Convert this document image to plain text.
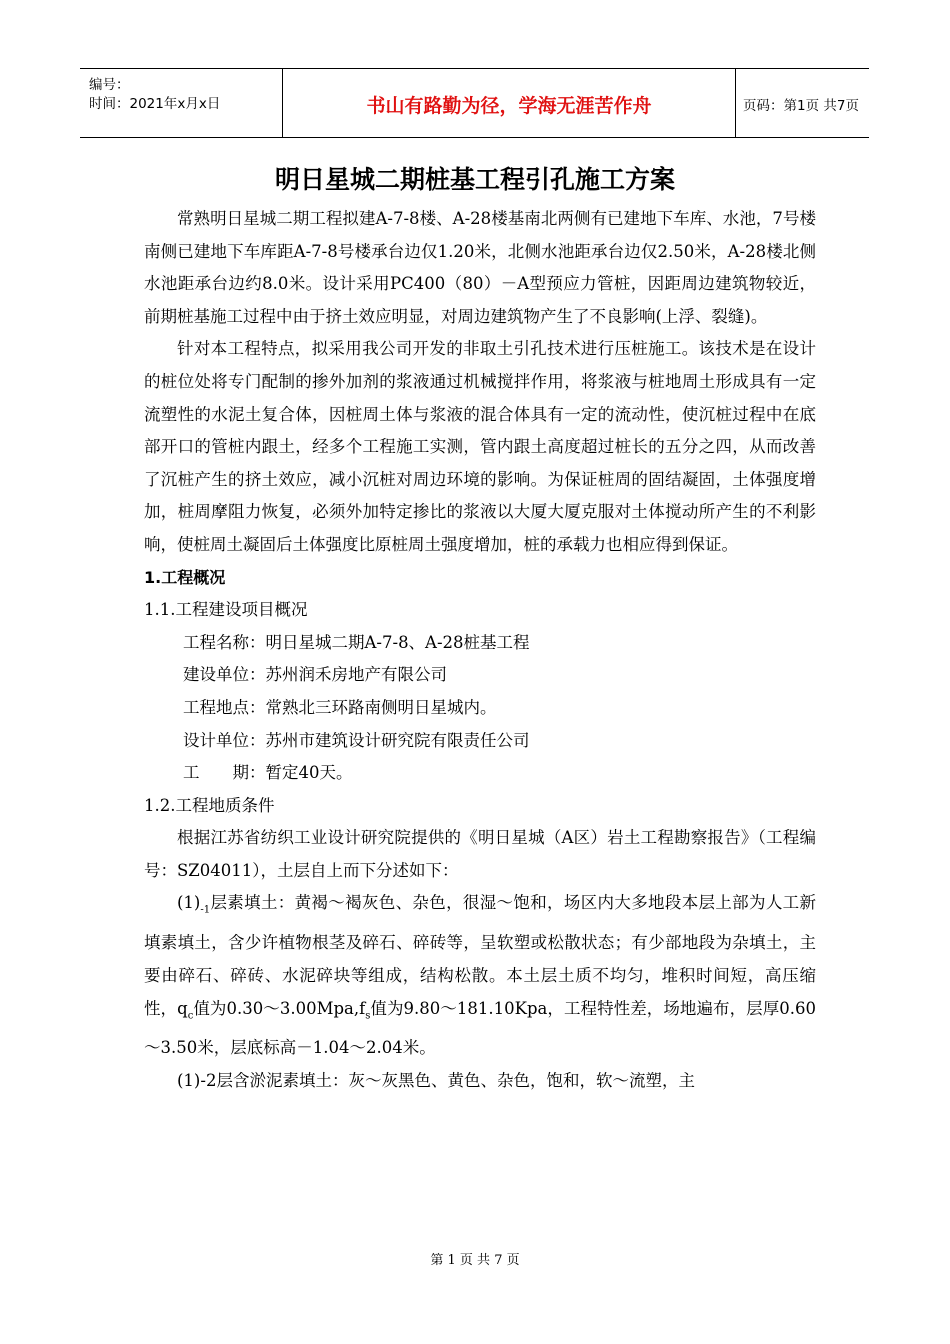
编号：
时间：2021年x月x日	书山有路勤为径，学海无涯苦作舟	页码：第1页 共7页
明日星城二期桩基工程引孔施工方案

常熟明日星城二期工程拟建A-7-8楼、A-28楼基南北两侧有已建地下车库、水池，7号楼南侧已建地下车库距A-7-8号楼承台边仅1.20米，北侧水池距承台边仅2.50米，A-28楼北侧水池距承台边约8.0米。设计采用PC400（80）－A型预应力管桩，因距周边建筑物较近，前期桩基施工过程中由于挤土效应明显，对周边建筑物产生了不良影响(上浮、裂缝)。

针对本工程特点，拟采用我公司开发的非取土引孔技术进行压桩施工。该技术是在设计的桩位处将专门配制的掺外加剂的浆液通过机械搅拌作用，将浆液与桩地周土形成具有一定流塑性的水泥土复合体，因桩周土体与浆液的混合体具有一定的流动性，使沉桩过程中在底部开口的管桩内跟土，经多个工程施工实测，管内跟土高度超过桩长的五分之四，从而改善了沉桩产生的挤土效应，减小沉桩对周边环境的影响。为保证桩周的固结凝固，土体强度增加，桩周摩阻力恢复，必须外加特定掺比的浆液以大厦大厦克服对土体搅动所产生的不利影响，使桩周土凝固后土体强度比原桩周土强度增加，桩的承载力也相应得到保证。

1.工程概况

1.1.工程建设项目概况

工程名称：明日星城二期A-7-8、A-28桩基工程

建设单位：苏州润禾房地产有限公司

工程地点：常熟北三环路南侧明日星城内。

设计单位：苏州市建筑设计研究院有限责任公司

工　　期：暂定40天。

1.2.工程地质条件

根据江苏省纺织工业设计研究院提供的《明日星城（A区）岩土工程勘察报告》（工程编号：SZ04011），土层自上而下分述如下：

$(1)_{-1}$层素填土：黄褐～褐灰色、杂色，很湿～饱和，场区内大多地段本层上部为人工新填素填土，含少许植物根茎及碎石、碎砖等，呈软塑或松散状态；有少部地段为杂填土，主要由碎石、碎砖、水泥碎块等组成，结构松散。本土层土质不均匀，堆积时间短，高压缩性，$q_c$值为$0.30\sim 3.00Mpa,f_s$值为9.80～181.10Kpa，工程特性差，场地遍布，层厚0.60～3.50米，层底标高－1.04～2.04米。

(1)-2层含淤泥素填土：灰～灰黑色、黄色、杂色，饱和，软～流塑，主

第 1 页 共 7 页
